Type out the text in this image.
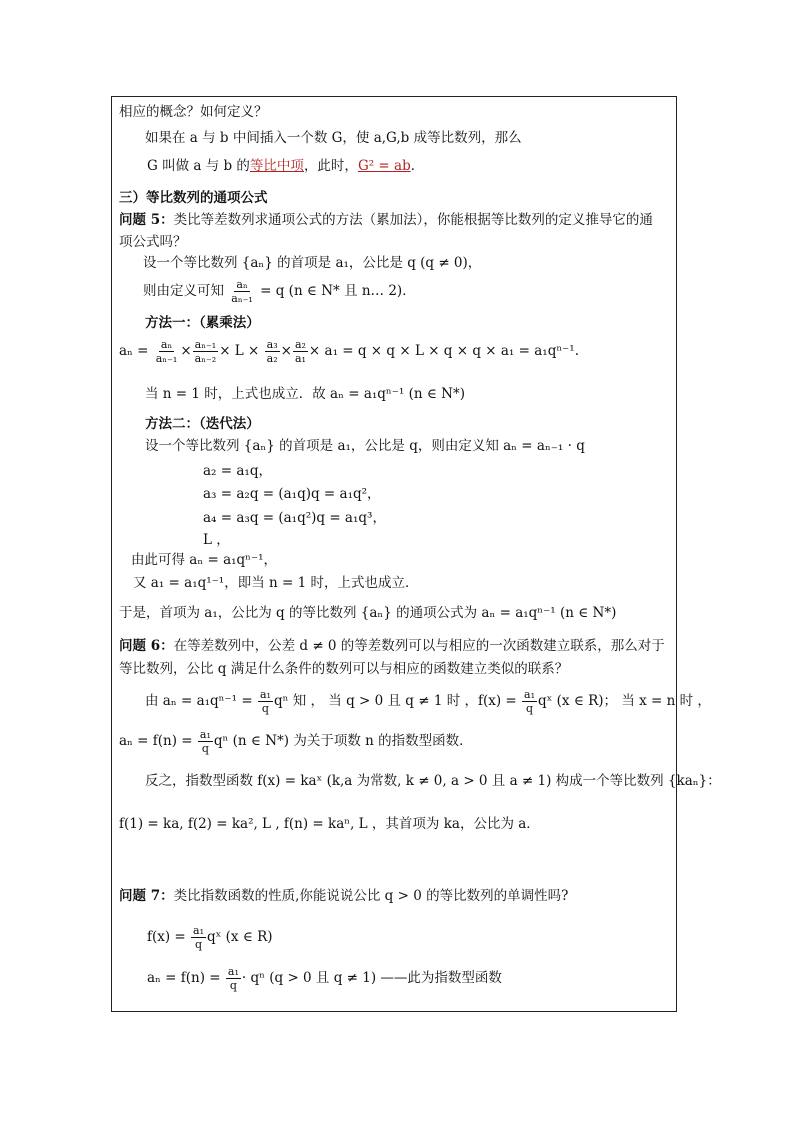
相应的概念？如何定义？
如果在 a 与 b 中间插入一个数 G，使 a,G,b 成等比数列，那么
G 叫做 a 与 b 的等比中项，此时，G² = ab．
三）等比数列的通项公式
问题 5：类比等差数列求通项公式的方法（累加法），你能根据等比数列的定义推导它的通
项公式吗？
设一个等比数列 {aₙ} 的首项是 a₁，公比是 q (q ≠ 0)，
则由定义可知 $\frac{\text{aₙ}}{\text{aₙ₋₁}} = q$ (n ∈ N* 且 n… 2)．
方法一：（累乘法）
$a_n = \frac{\text{aₙ}}{\text{aₙ₋₁}} \times \frac{\text{aₙ₋₁}}{\text{aₙ₋₂}} \times L \times \frac{\text{a₃}}{\text{a₂}} \times \frac{\text{a₂}}{\text{a₁}} \times a_1 = q \times q \times L \times q \times q \times a_1 = a_1q^{n-1}$.
当 n = 1 时，上式也成立．故 aₙ = a₁qⁿ⁻¹ (n ∈ N*)
方法二：（迭代法）
设一个等比数列 {aₙ} 的首项是 a₁，公比是 q，则由定义知 aₙ = aₙ₋₁ · q
a₂ = a₁q，
a₃ = a₂q = (a₁q)q = a₁q²，
a₄ = a₃q = (a₁q²)q = a₁q³，
L ，
由此可得 aₙ = a₁qⁿ⁻¹，
又 a₁ = a₁q¹⁻¹，即当 n = 1 时，上式也成立．
于是，首项为 a₁，公比为 q 的等比数列 {aₙ} 的通项公式为 aₙ = a₁qⁿ⁻¹ (n ∈ N*)
问题 6：在等差数列中，公差 d ≠ 0 的等差数列可以与相应的一次函数建立联系，那么对于
等比数列，公比 q 满足什么条件的数列可以与相应的函数建立类似的联系？
由 $a_n = a_1q^{n-1} = \frac{\text{a₁}}{q}$ qⁿ 知 ， 当 q > 0 且 q ≠ 1 时 ，$f(x) = \frac{\text{a₁}}{q}$ qˣ (x ∈ R)； 当 x = n 时 ，
$a_n = f(n) = \frac{\text{a₁}}{q}$ qⁿ (n ∈ N*) 为关于项数 n 的指数型函数．
反之，指数型函数 f(x) = kaˣ (k,a 为常数, k ≠ 0, a > 0 且 a ≠ 1) 构成一个等比数列 {kaₙ}：
f(1) = ka, f(2) = ka², L , f(n) = kaⁿ, L ，其首项为 ka，公比为 a．
问题 7：类比指数函数的性质,你能说说公比 q > 0 的等比数列的单调性吗?
$f(x) = \frac{\text{a₁}}{q}$ qˣ (x ∈ R)
$a_n = f(n) = \frac{\text{a₁}}{q} \cdot q^n$ (q > 0 且 q ≠ 1) ——此为指数型函数
